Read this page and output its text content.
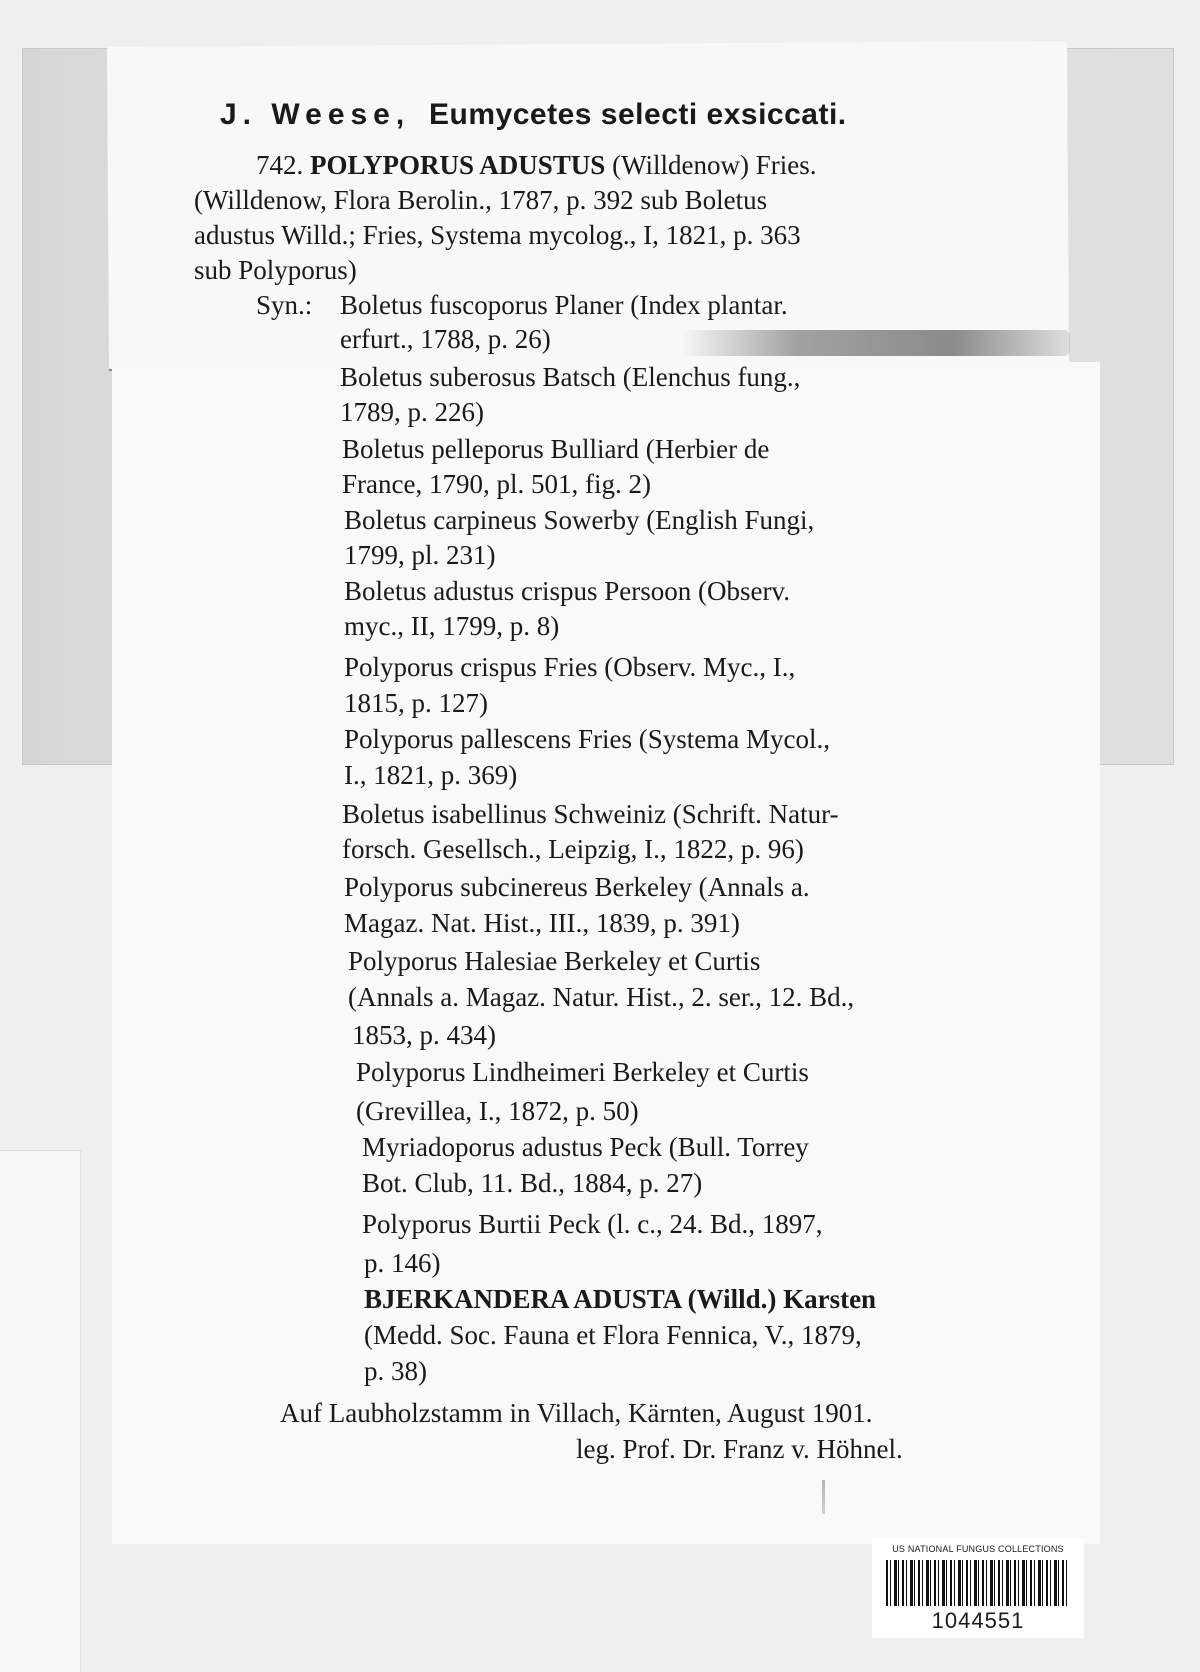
J. Weese, Eumycetes selecti exsiccati.
742. POLYPORUS ADUSTUS (Willdenow) Fries.
(Willdenow, Flora Berolin., 1787, p. 392 sub Boletus
adustus Willd.; Fries, Systema mycolog., I, 1821, p. 363
sub Polyporus)
Syn.: Boletus fuscoporus Planer (Index plantar.
erfurt., 1788, p. 26)
Boletus suberosus Batsch (Elenchus fung.,
1789, p. 226)
Boletus pelleporus Bulliard (Herbier de
France, 1790, pl. 501, fig. 2)
Boletus carpineus Sowerby (English Fungi,
1799, pl. 231)
Boletus adustus crispus Persoon (Observ.
myc., II, 1799, p. 8)
Polyporus crispus Fries (Observ. Myc., I.,
1815, p. 127)
Polyporus pallescens Fries (Systema Mycol.,
I., 1821, p. 369)
Boletus isabellinus Schweiniz (Schrift. Natur-
forsch. Gesellsch., Leipzig, I., 1822, p. 96)
Polyporus subcinereus Berkeley (Annals a.
Magaz. Nat. Hist., III., 1839, p. 391)
Polyporus Halesiae Berkeley et Curtis
(Annals a. Magaz. Natur. Hist., 2. ser., 12. Bd.,
1853, p. 434)
Polyporus Lindheimeri Berkeley et Curtis
(Grevillea, I., 1872, p. 50)
Myriadoporus adustus Peck (Bull. Torrey
Bot. Club, 11. Bd., 1884, p. 27)
Polyporus Burtii Peck (l. c., 24. Bd., 1897,
p. 146)
BJERKANDERA ADUSTA (Willd.) Karsten
(Medd. Soc. Fauna et Flora Fennica, V., 1879,
p. 38)
Auf Laubholzstamm in Villach, Kärnten, August 1901.
leg. Prof. Dr. Franz v. Höhnel.
US NATIONAL FUNGUS COLLECTIONS
1044551
